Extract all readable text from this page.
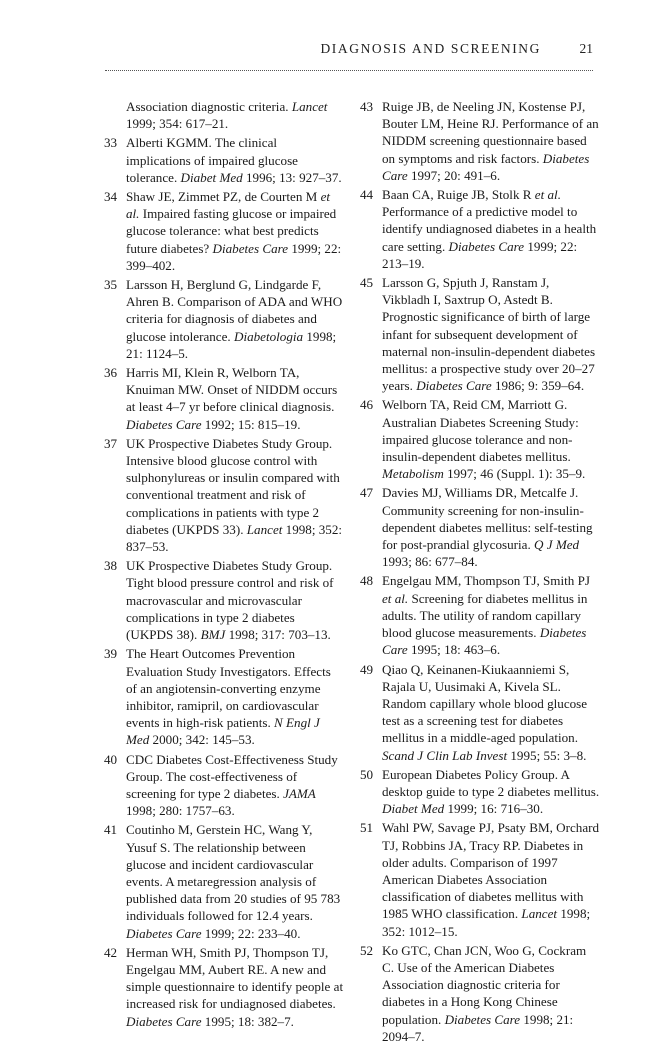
DIAGNOSIS AND SCREENING	21
Association diagnostic criteria. Lancet 1999; 354: 617–21.
33 Alberti KGMM. The clinical implications of impaired glucose tolerance. Diabet Med 1996; 13: 927–37.
34 Shaw JE, Zimmet PZ, de Courten M et al. Impaired fasting glucose or impaired glucose tolerance: what best predicts future diabetes? Diabetes Care 1999; 22: 399–402.
35 Larsson H, Berglund G, Lindgarde F, Ahren B. Comparison of ADA and WHO criteria for diagnosis of diabetes and glucose intolerance. Diabetologia 1998; 21: 1124–5.
36 Harris MI, Klein R, Welborn TA, Knuiman MW. Onset of NIDDM occurs at least 4–7 yr before clinical diagnosis. Diabetes Care 1992; 15: 815–19.
37 UK Prospective Diabetes Study Group. Intensive blood glucose control with sulphonylureas or insulin compared with conventional treatment and risk of complications in patients with type 2 diabetes (UKPDS 33). Lancet 1998; 352: 837–53.
38 UK Prospective Diabetes Study Group. Tight blood pressure control and risk of macrovascular and microvascular complications in type 2 diabetes (UKPDS 38). BMJ 1998; 317: 703–13.
39 The Heart Outcomes Prevention Evaluation Study Investigators. Effects of an angiotensin-converting enzyme inhibitor, ramipril, on cardiovascular events in high-risk patients. N Engl J Med 2000; 342: 145–53.
40 CDC Diabetes Cost-Effectiveness Study Group. The cost-effectiveness of screening for type 2 diabetes. JAMA 1998; 280: 1757–63.
41 Coutinho M, Gerstein HC, Wang Y, Yusuf S. The relationship between glucose and incident cardiovascular events. A metaregression analysis of published data from 20 studies of 95 783 individuals followed for 12.4 years. Diabetes Care 1999; 22: 233–40.
42 Herman WH, Smith PJ, Thompson TJ, Engelgau MM, Aubert RE. A new and simple questionnaire to identify people at increased risk for undiagnosed diabetes. Diabetes Care 1995; 18: 382–7.
43 Ruige JB, de Neeling JN, Kostense PJ, Bouter LM, Heine RJ. Performance of an NIDDM screening questionnaire based on symptoms and risk factors. Diabetes Care 1997; 20: 491–6.
44 Baan CA, Ruige JB, Stolk R et al. Performance of a predictive model to identify undiagnosed diabetes in a health care setting. Diabetes Care 1999; 22: 213–19.
45 Larsson G, Spjuth J, Ranstam J, Vikbladh I, Saxtrup O, Astedt B. Prognostic significance of birth of large infant for subsequent development of maternal non-insulin-dependent diabetes mellitus: a prospective study over 20–27 years. Diabetes Care 1986; 9: 359–64.
46 Welborn TA, Reid CM, Marriott G. Australian Diabetes Screening Study: impaired glucose tolerance and non-insulin-dependent diabetes mellitus. Metabolism 1997; 46 (Suppl. 1): 35–9.
47 Davies MJ, Williams DR, Metcalfe J. Community screening for non-insulin-dependent diabetes mellitus: self-testing for post-prandial glycosuria. Q J Med 1993; 86: 677–84.
48 Engelgau MM, Thompson TJ, Smith PJ et al. Screening for diabetes mellitus in adults. The utility of random capillary blood glucose measurements. Diabetes Care 1995; 18: 463–6.
49 Qiao Q, Keinanen-Kiukaanniemi S, Rajala U, Uusimaki A, Kivela SL. Random capillary whole blood glucose test as a screening test for diabetes mellitus in a middle-aged population. Scand J Clin Lab Invest 1995; 55: 3–8.
50 European Diabetes Policy Group. A desktop guide to type 2 diabetes mellitus. Diabet Med 1999; 16: 716–30.
51 Wahl PW, Savage PJ, Psaty BM, Orchard TJ, Robbins JA, Tracy RP. Diabetes in older adults. Comparison of 1997 American Diabetes Association classification of diabetes mellitus with 1985 WHO classification. Lancet 1998; 352: 1012–15.
52 Ko GTC, Chan JCN, Woo G, Cockram C. Use of the American Diabetes Association diagnostic criteria for diabetes in a Hong Kong Chinese population. Diabetes Care 1998; 21: 2094–7.
